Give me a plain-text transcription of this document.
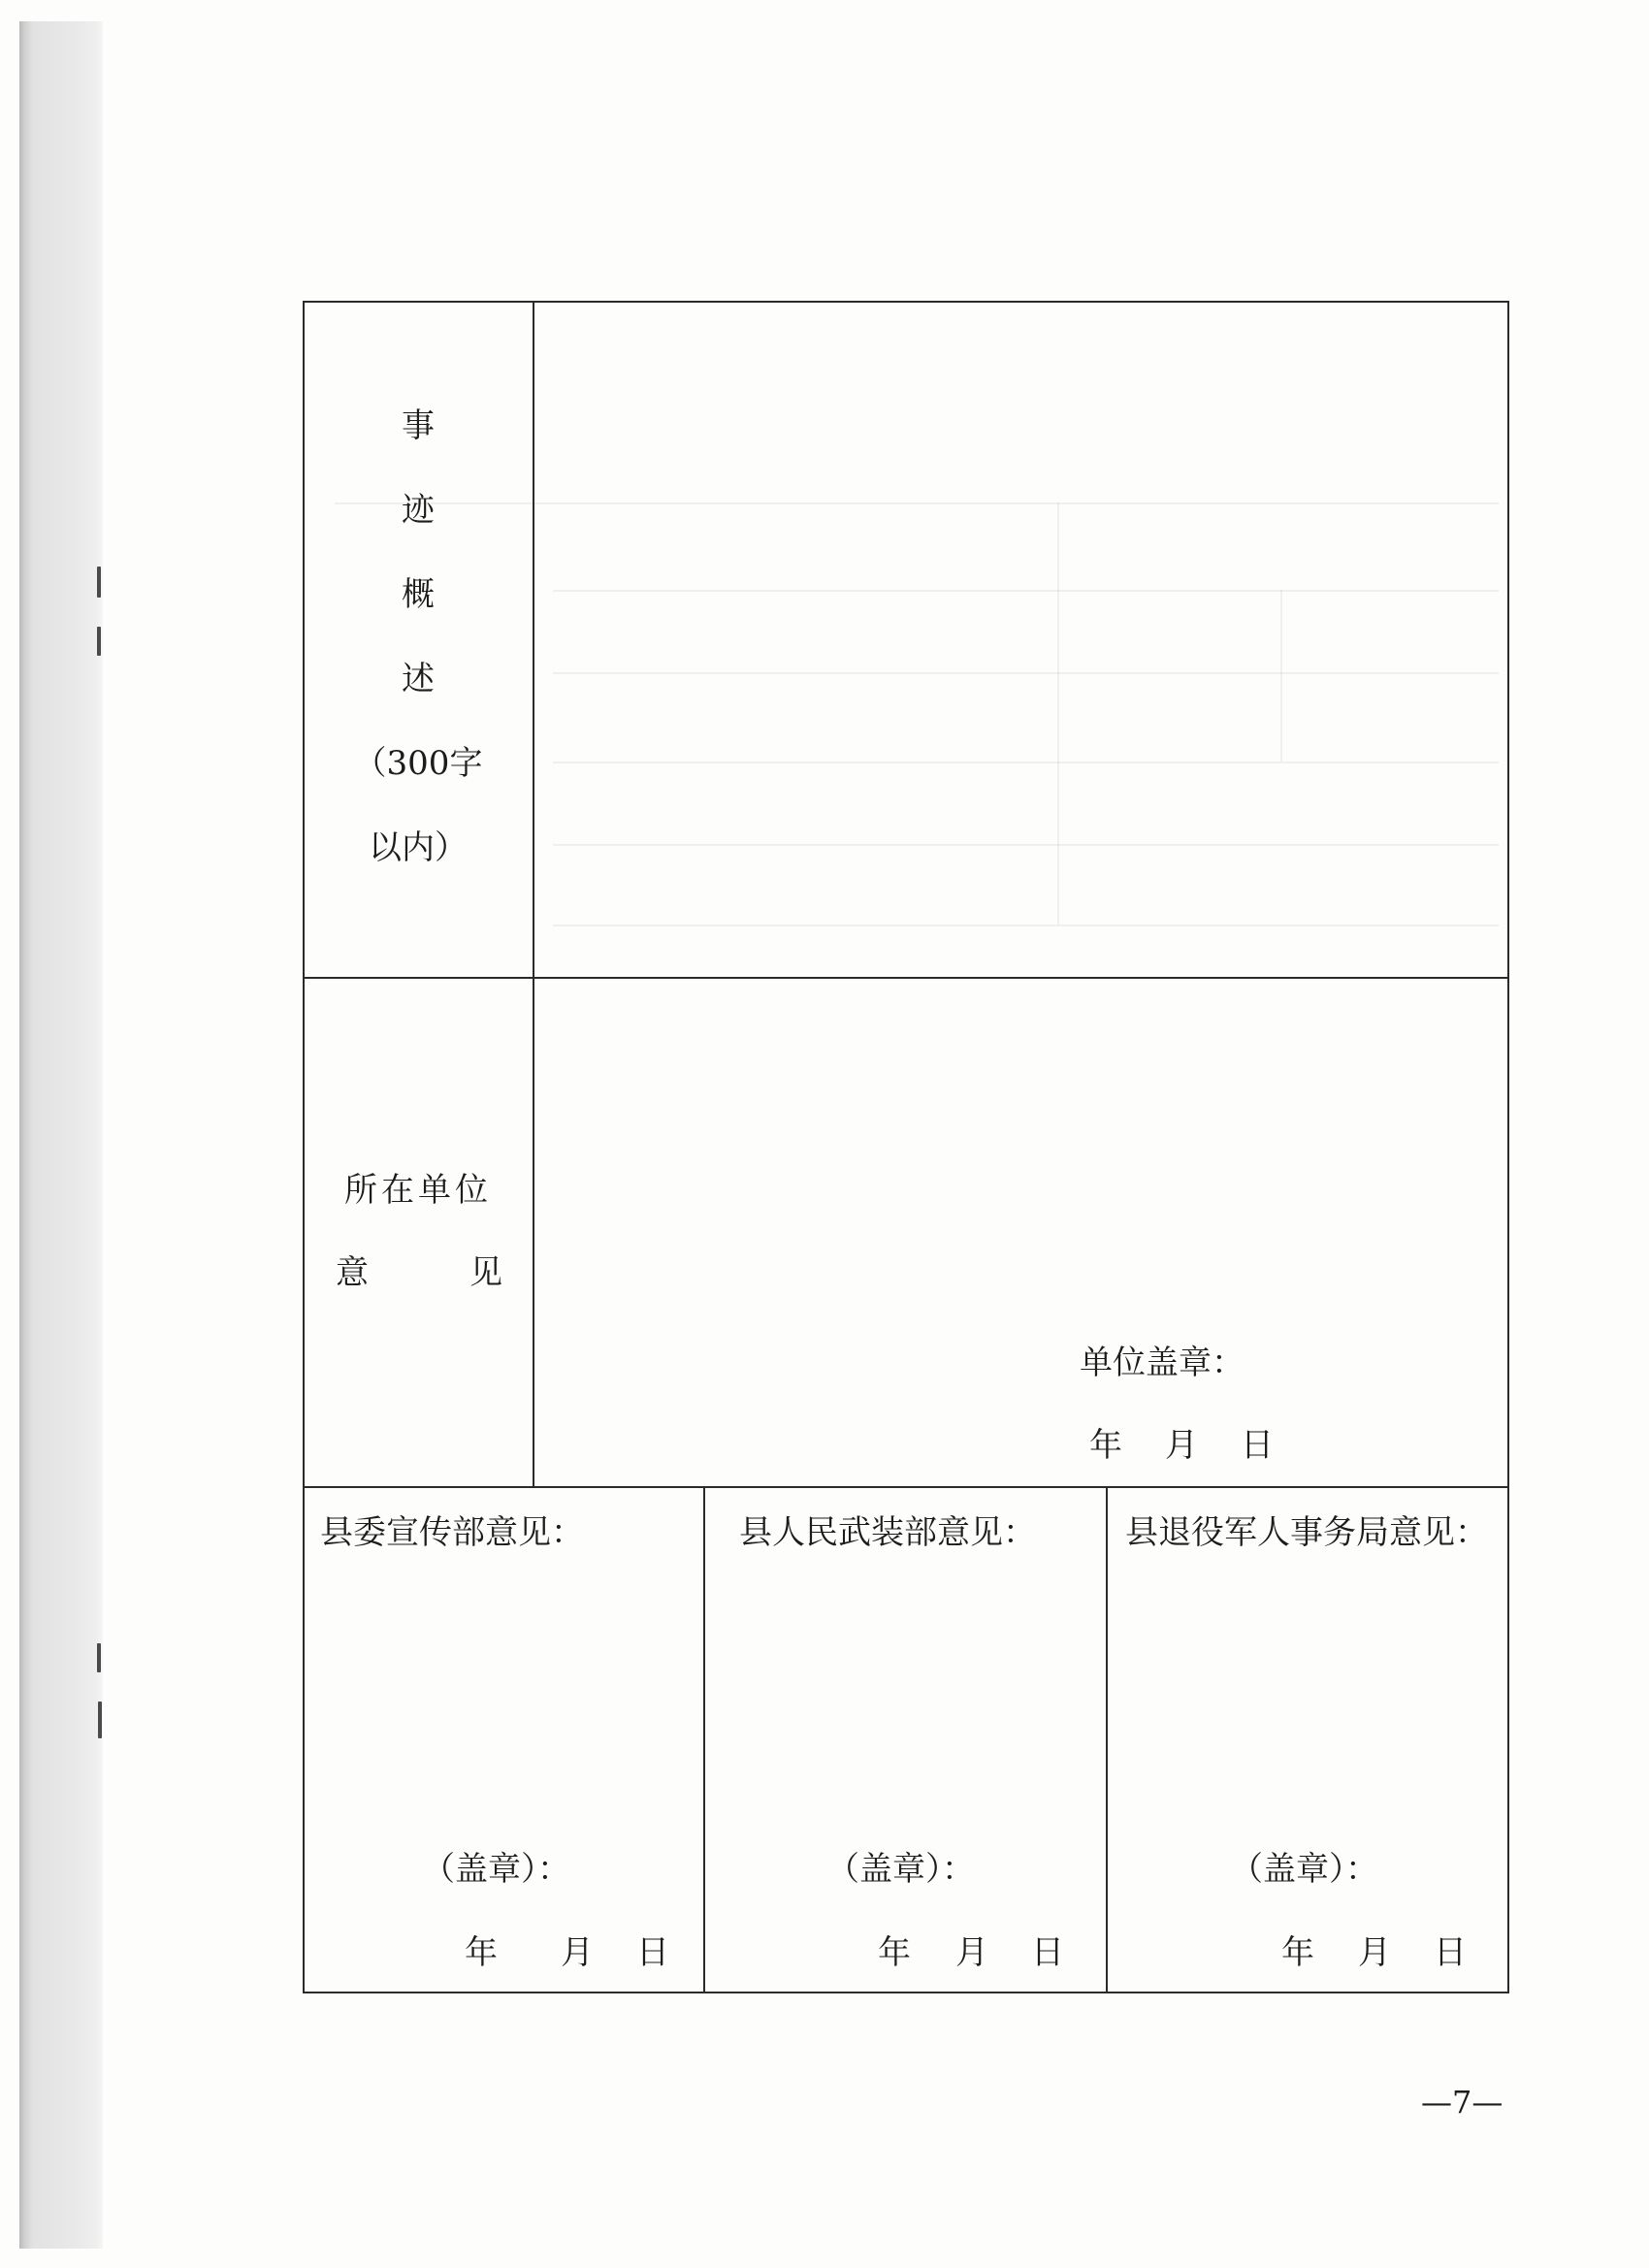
事
迹
概
述
（300字
以内）
所在单位
意	见
单位盖章：
年 月 日
县委宣传部意见：
（盖章）：
年 月 日
县人民武装部意见：
（盖章）：
年 月 日
县退役军人事务局意见：
（盖章）：
年 月 日
—7—
